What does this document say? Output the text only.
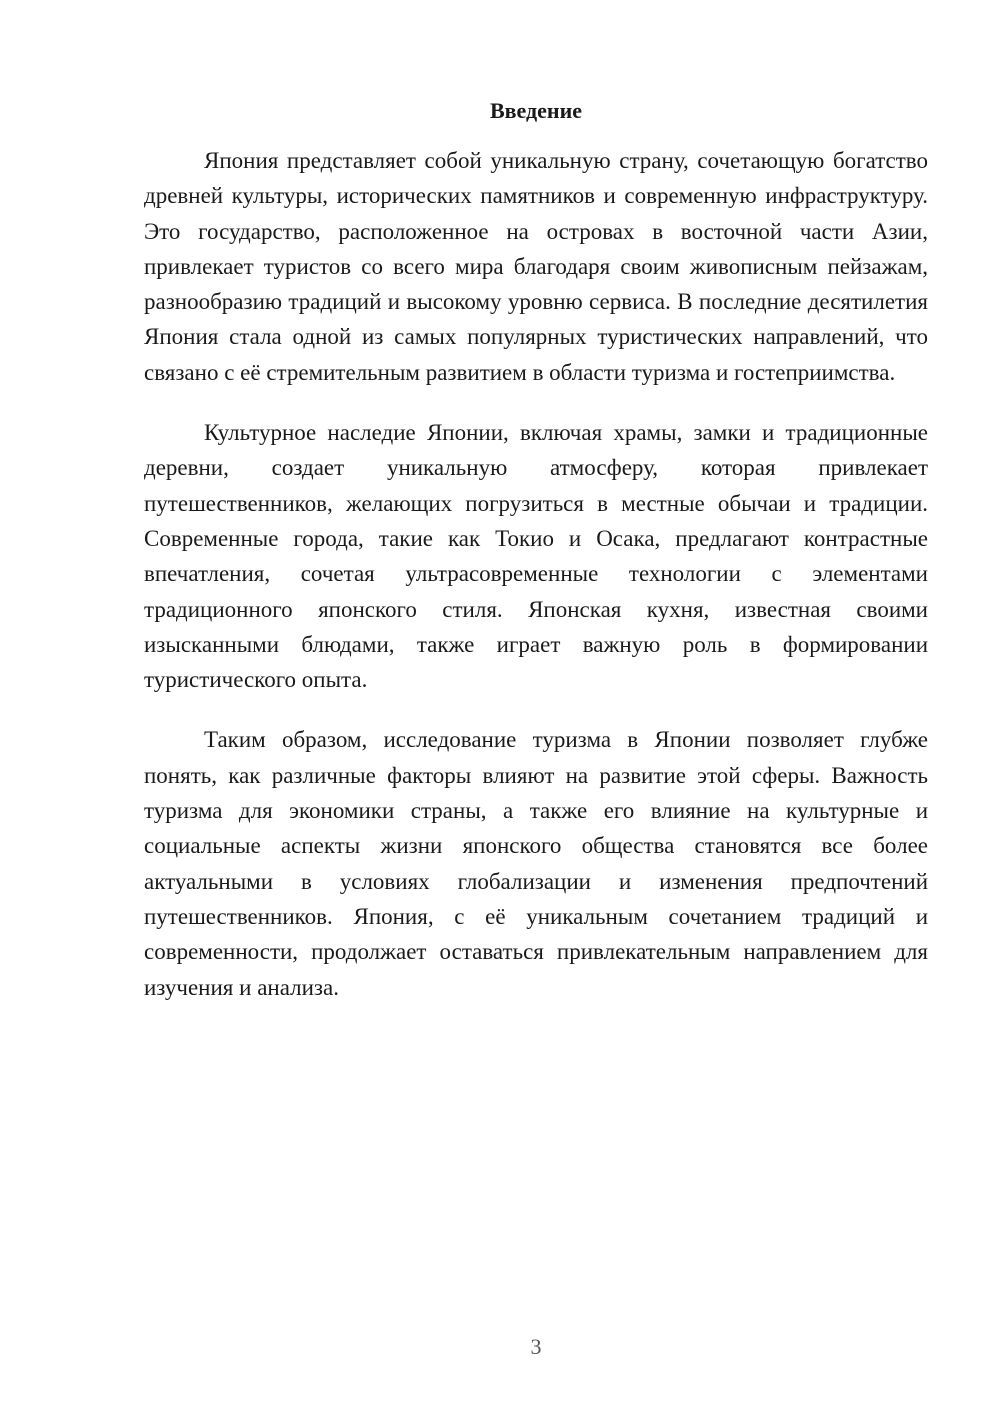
Введение

Япония представляет собой уникальную страну, сочетающую богатство древней культуры, исторических памятников и современную инфраструктуру. Это государство, расположенное на островах в восточной части Азии, привлекает туристов со всего мира благодаря своим живописным пейзажам, разнообразию традиций и высокому уровню сервиса. В последние десятилетия Япония стала одной из самых популярных туристических направлений, что связано с её стремительным развитием в области туризма и гостеприимства.

Культурное наследие Японии, включая храмы, замки и традиционные деревни, создает уникальную атмосферу, которая привлекает путешественников, желающих погрузиться в местные обычаи и традиции. Современные города, такие как Токио и Осака, предлагают контрастные впечатления, сочетая ультрасовременные технологии с элементами традиционного японского стиля. Японская кухня, известная своими изысканными блюдами, также играет важную роль в формировании туристического опыта.

Таким образом, исследование туризма в Японии позволяет глубже понять, как различные факторы влияют на развитие этой сферы. Важность туризма для экономики страны, а также его влияние на культурные и социальные аспекты жизни японского общества становятся все более актуальными в условиях глобализации и изменения предпочтений путешественников. Япония, с её уникальным сочетанием традиций и современности, продолжает оставаться привлекательным направлением для изучения и анализа.

3
